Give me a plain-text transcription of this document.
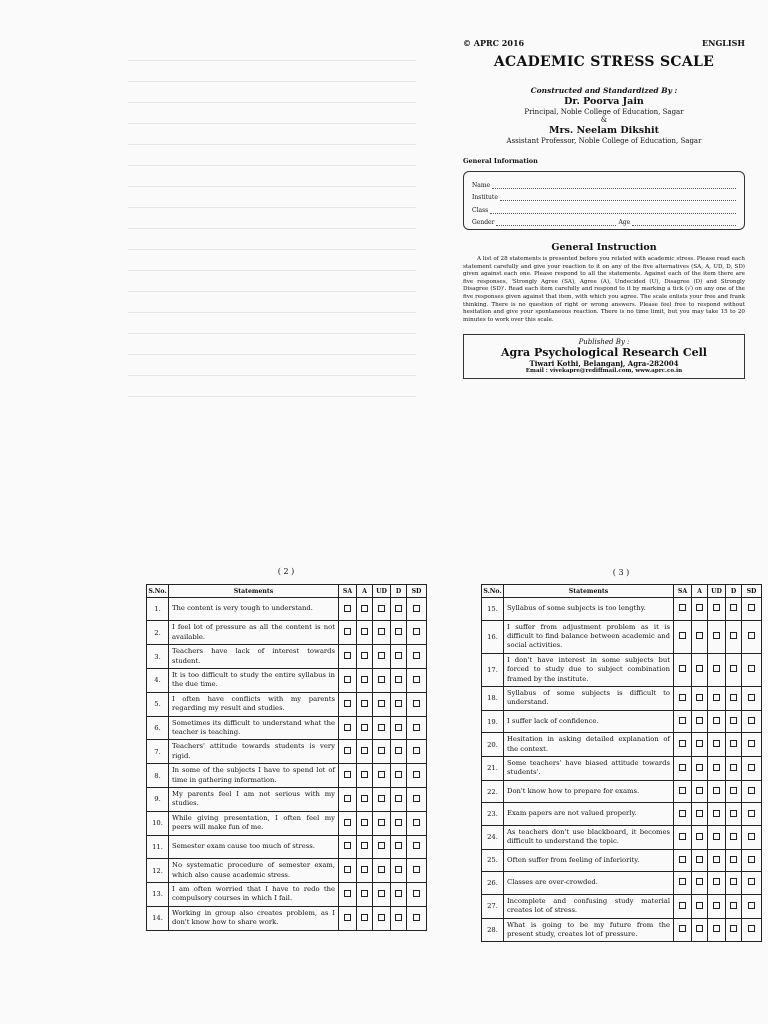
© APRC 2016	ENGLISH
ACADEMIC STRESS SCALE
Constructed and Standardized By :
Dr. Poorva Jain
Principal, Noble College of Education, Sagar
&
Mrs. Neelam Dikshit
Assistant Professor, Noble College of Education, Sagar
General Information
Name
Institute
Class
Gender	Age
General Instruction
A list of 28 statements is presented before you related with academic stress. Please read each statement carefully and give your reaction to it on any of the five alternatives (SA, A, UD, D, SD) given against each one. Please respond to all the statements. Against each of the item there are five responses, 'Strongly Agree (SA), Agree (A), Undecided (U), Disagree (D) and Strongly Disagree (SD)'. Read each item carefully and respond to it by marking a tick (√) on any one of the five responses given against that item, with which you agree. The scale enlists your free and frank thinking. There is no question of right or wrong answers. Please feel free to respond without hesitation and give your spontaneous reaction. There is no time limit, but you may take 15 to 20 minutes to work over this scale.
Published By :
Agra Psychological Research Cell
Tiwari Kothi, Belanganj, Agra-282004
Email : vivekapre@rediffmail.com, www.aprc.co.in
( 2 )
S.No.	Statements	SA	A	UD	D	SD
1.	The content is very tough to understand.					
2.	I feel lot of pressure as all the content is not available.					
3.	Teachers have lack of interest towards student.					
4.	It is too difficult to study the entire syllabus in the due time.					
5.	I often have conflicts with my parents regarding my result and studies.					
6.	Sometimes its difficult to understand what the teacher is teaching.					
7.	Teachers' attitude towards students is very rigid.					
8.	In some of the subjects I have to spend lot of time in gathering information.					
9.	My parents feel I am not serious with my studies.					
10.	While giving presentation, I often feel my peers will make fun of me.					
11.	Semester exam cause too much of stress.					
12.	No systematic procedure of semester exam, which also cause academic stress.					
13.	I am often worried that I have to redo the compulsory courses in which I fail.					
14.	Working in group also creates problem, as I don't know how to share work.					
( 3 )
S.No.	Statements	SA	A	UD	D	SD
15.	Syllabus of some subjects is too lengthy.					
16.	I suffer from adjustment problem as it is difficult to find balance between academic and social activities.					
17.	I don't have interest in some subjects but forced to study due to subject combination framed by the institute.					
18.	Syllabus of some subjects is difficult to understand.					
19.	I suffer lack of confidence.					
20.	Hesitation in asking detailed explanation of the context.					
21.	Some teachers' have biased attitude towards students'.					
22.	Don't know how to prepare for exams.					
23.	Exam papers are not valued properly.					
24.	As teachers don't use blackboard, it becomes difficult to understand the topic.					
25.	Often suffer from feeling of inferiority.					
26.	Classes are over-crowded.					
27.	Incomplete and confusing study material creates lot of stress.					
28.	What is going to be my future from the present study, creates lot of pressure.					
